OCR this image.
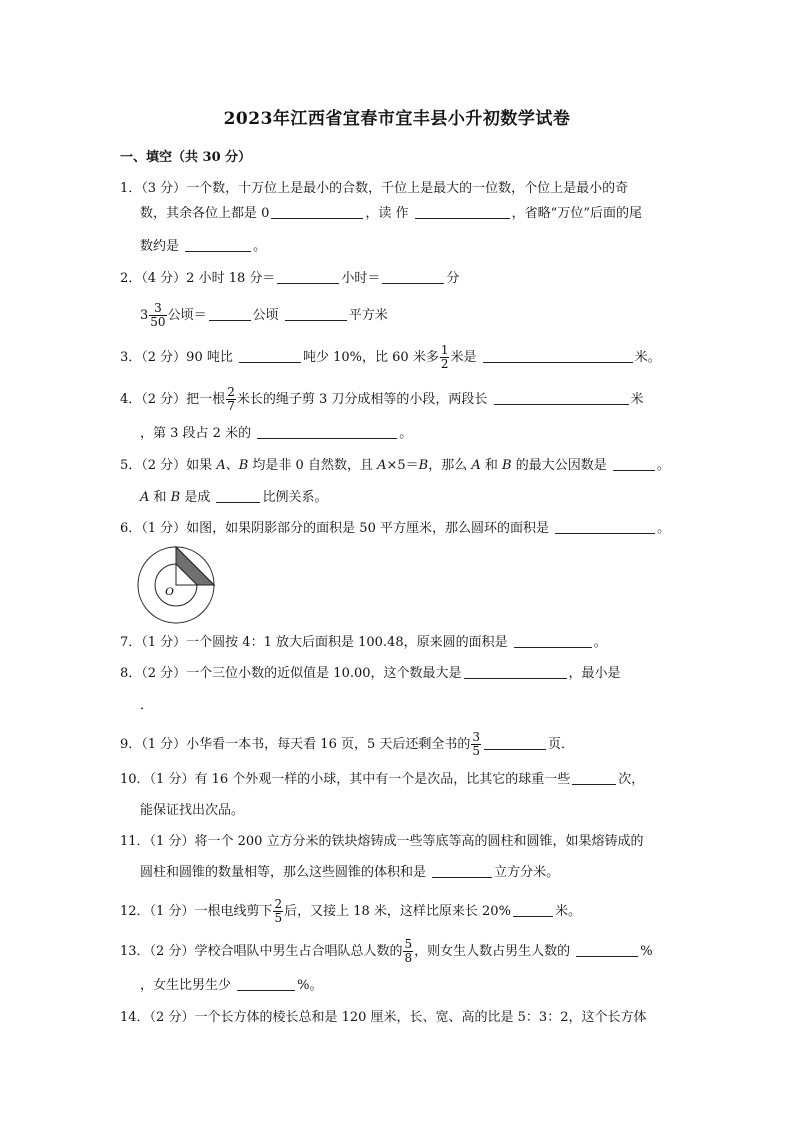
2023年江西省宜春市宜丰县小升初数学试卷
一、填空（共 30 分）
1．（3 分）一个数，十万位上是最小的合数，千位上是最大的一位数，个位上是最小的奇
数，其余各位上都是 0	，读 作	，省略“万位”后面的尾
数约是	。
2．（4 分）2 小时 18 分＝	小时＝	分
$3 \frac{3}{50}$ 公顷＝	公顷	平方米
3．（2 分）90 吨比	吨少 10%，比 60 米多 $\frac{1}{2}$ 米是	米。
4．（2 分）把一根 $\frac{2}{7}$ 米长的绳子剪 3 刀分成相等的小段，两段长	米
，第 3 段占 2 米的	。
5．（2 分）如果 A、B 均是非 0 自然数，且 A×5＝B，那么 A 和 B 的最大公因数是	。
A 和 B 是成	比例关系。
6．（1 分）如图，如果阴影部分的面积是 50 平方厘米，那么圆环的面积是	。
O
7．（1 分）一个圆按 4：1 放大后面积是 100.48，原来圆的面积是	。
8．（2 分）一个三位小数的近似值是 10.00，这个数最大是	，最小是
．
9．（1 分）小华看一本书，每天看 16 页，5 天后还剩全书的 $\frac{3}{5}$	页．
10．（1 分）有 16 个外观一样的小球，其中有一个是次品，比其它的球重一些	次，
能保证找出次品。
11．（1 分）将一个 200 立方分米的铁块熔铸成一些等底等高的圆柱和圆锥，如果熔铸成的
圆柱和圆锥的数量相等，那么这些圆锥的体积和是	立方分米。
12．（1 分）一根电线剪下 $\frac{2}{5}$ 后，又接上 18 米，这样比原来长 20%	米。
13．（2 分）学校合唱队中男生占合唱队总人数的 $\frac{5}{8}$ ，则女生人数占男生人数的	%
，女生比男生少	%。
14．（2 分）一个长方体的棱长总和是 120 厘米，长、宽、高的比是 5：3：2，这个长方体
